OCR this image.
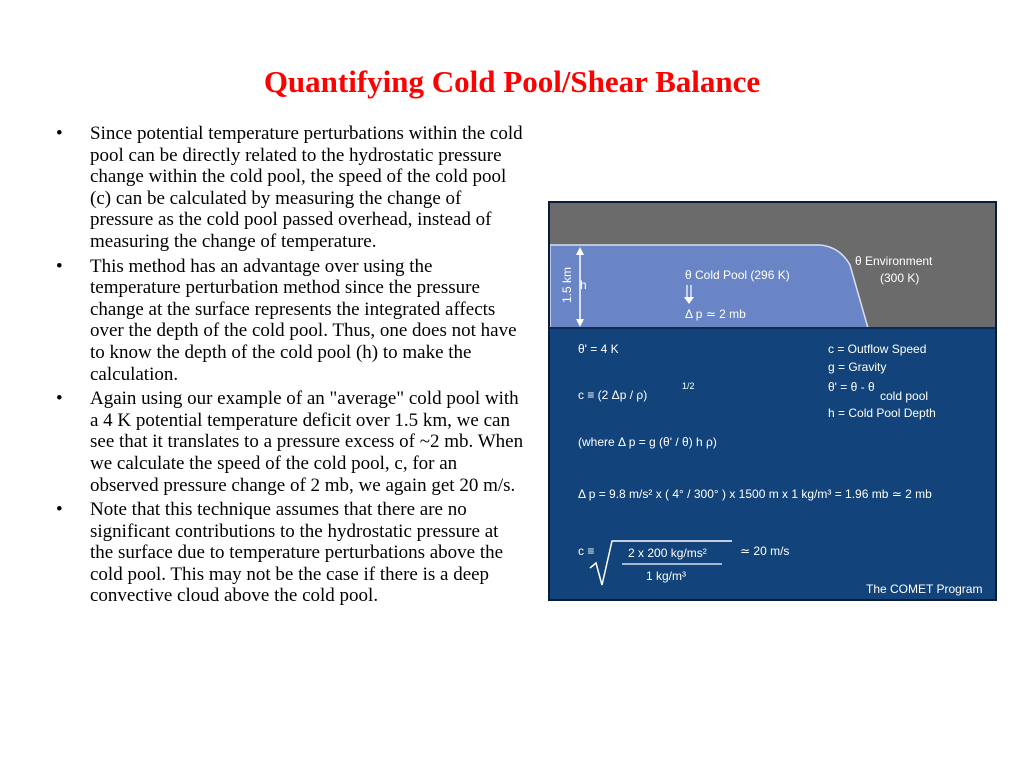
Quantifying Cold Pool/Shear Balance
• Since potential temperature perturbations within the cold pool can be directly related to the hydrostatic pressure change within the cold pool, the speed of the cold pool (c) can be calculated by measuring the change of pressure as the cold pool passed overhead, instead of measuring the change of temperature.
• This method has an advantage over using the temperature perturbation method since the pressure change at the surface represents the integrated affects over the depth of the cold pool. Thus, one does not have to know the depth of the cold pool (h) to make the calculation.
• Again using our example of an "average" cold pool with a 4 K potential temperature deficit over 1.5 km, we can see that it translates to a pressure excess of ~2 mb. When we calculate the speed of the cold pool, c, for an observed pressure change of 2 mb, we again get 20 m/s.
• Note that this technique assumes that there are no significant contributions to the hydrostatic pressure at the surface due to temperature perturbations above the cold pool. This may not be the case if there is a deep convective cloud above the cold pool.
1.5 km h
θ Cold Pool (296 K)
Δ p ≃ 2 mb
θ Environment
(300 K)
θ' = 4 K
c ≡ (2 Δp / ρ)
1/2
(where Δ p = g (θ' / θ) h ρ)
Δ p = 9.8 m/s² x ( 4° / 300° ) x 1500 m x 1 kg/m³ = 1.96 mb ≃ 2 mb
c ≡	2 x 200 kg/ms²
1 kg/m³
≃ 20 m/s
c = Outflow Speed
g = Gravity
θ' = θ - θ
cold pool
h = Cold Pool Depth
The COMET Program
